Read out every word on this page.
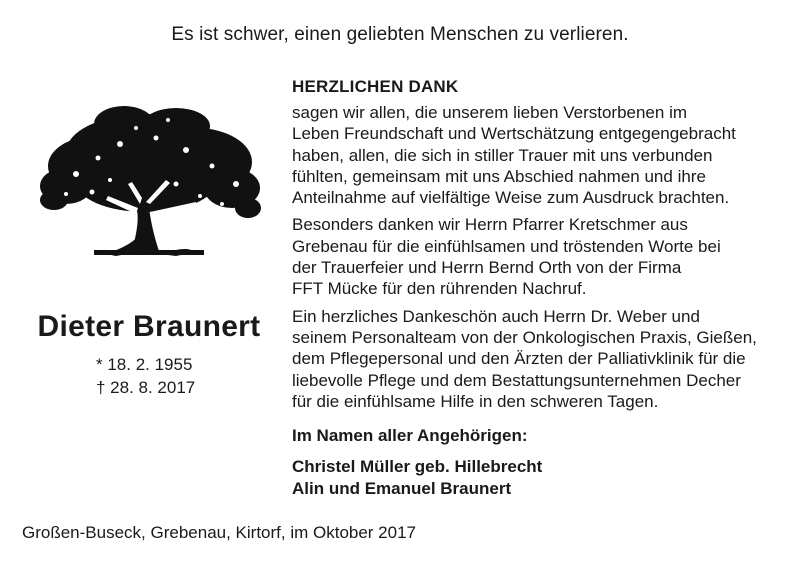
Es ist schwer, einen geliebten Menschen zu verlieren.
Dieter Braunert
* 18. 2. 1955
† 28. 8. 2017
HERZLICHEN DANK
sagen wir allen, die unserem lieben Verstorbenen im
Leben Freundschaft und Wertschätzung entgegengebracht
haben, allen, die sich in stiller Trauer mit uns verbunden
fühlten, gemeinsam mit uns Abschied nahmen und ihre
Anteilnahme auf vielfältige Weise zum Ausdruck brachten.
Besonders danken wir Herrn Pfarrer Kretschmer aus
Grebenau für die einfühlsamen und tröstenden Worte bei
der Trauerfeier und Herrn Bernd Orth von der Firma
FFT Mücke für den rührenden Nachruf.
Ein herzliches Dankeschön auch Herrn Dr. Weber und
seinem Personalteam von der Onkologischen Praxis, Gießen,
dem Pflegepersonal und den Ärzten der Palliativklinik für die
liebevolle Pflege und dem Bestattungsunternehmen Decher
für die einfühlsame Hilfe in den schweren Tagen.
Im Namen aller Angehörigen:
Christel Müller geb. Hillebrecht
Alin und Emanuel Braunert
Großen-Buseck, Grebenau, Kirtorf, im Oktober 2017
